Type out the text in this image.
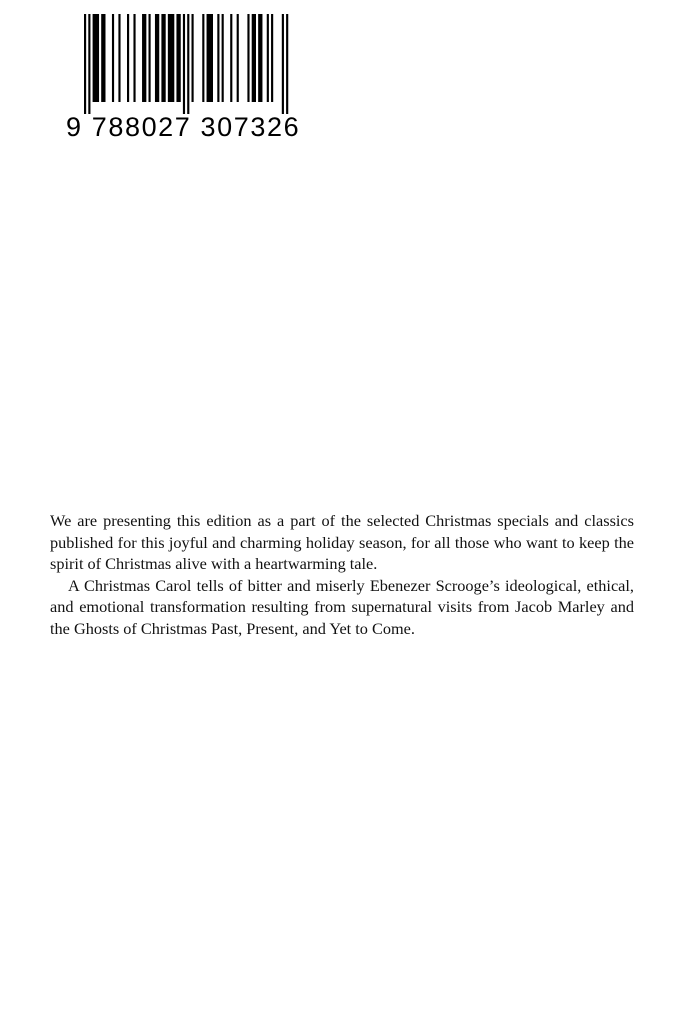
9 788027 307326

We are presenting this edition as a part of the selected Christmas specials and classics published for this joyful and charming holiday season, for all those who want to keep the spirit of Christmas alive with a heartwarming tale.

A Christmas Carol tells of bitter and miserly Ebenezer Scrooge’s ideological, ethical, and emotional transformation resulting from supernatural visits from Jacob Marley and the Ghosts of Christmas Past, Present, and Yet to Come.
